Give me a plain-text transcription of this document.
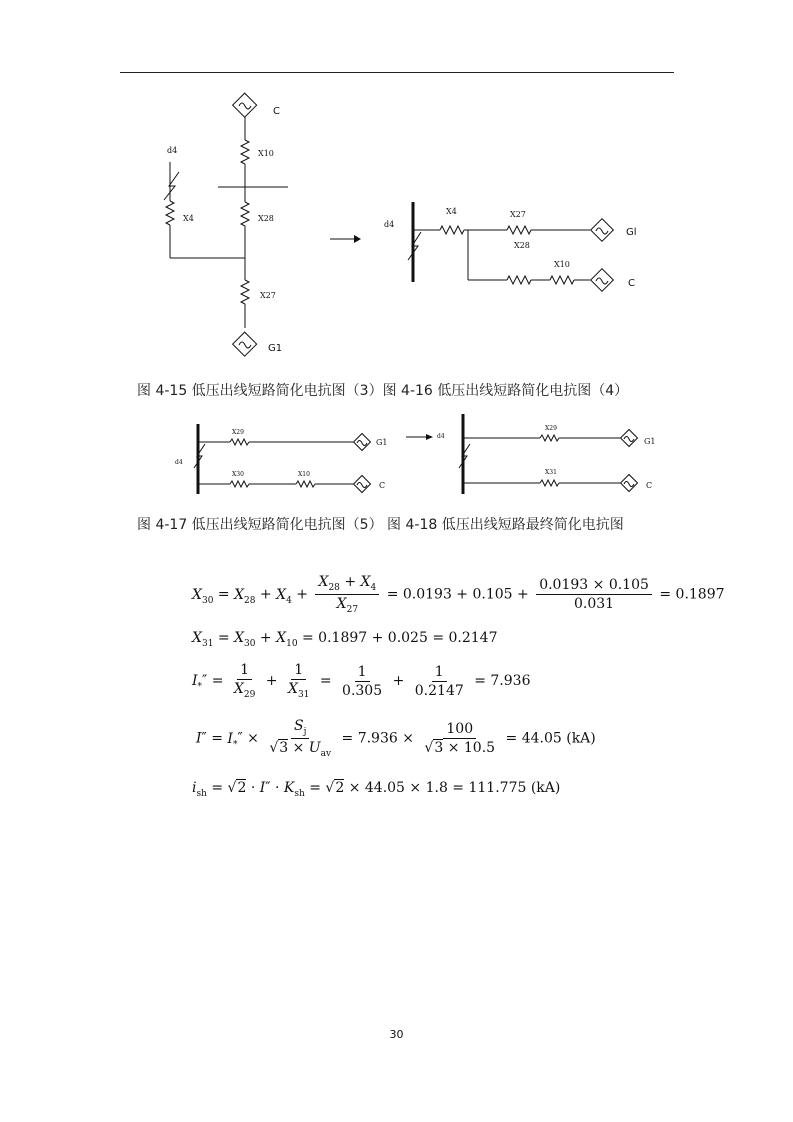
C
X10
d4
X4	X28
X27
G1
d4
X4	X27
X28
X10
Gl
C
图 4-15 低压出线短路简化电抗图（3）图 4-16 低压出线短路简化电抗图（4）
d4
X29
X30	X10
G1
C
d4
X29
X31
G1
C
图 4-17 低压出线短路简化电抗图（5） 图 4-18 低压出线短路最终简化电抗图
$X_{30} = X_{28} + X_4 + \frac{X_{28} + X_4}{X_{27}} = 0.0193 + 0.105 + \frac{0.0193 \times 0.105}{0.031} = 0.1897$
$X_{31} = X_{30} + X_{10} = 0.1897 + 0.025 = 0.2147$
$I_*'' = \frac{1}{X_{29}} + \frac{1}{X_{31}} = \frac{1}{0.305} + \frac{1}{0.2147} = 7.936$
$I'' = I_*'' \times \frac{S_j}{√3 \times U_{av}} = 7.936 \times \frac{100}{√3 \times 10.5} = 44.05$ (kA)
$i_{sh} = √2 \cdot I'' \cdot K_{sh} = √2 \times 44.05 \times 1.8 = 111.775$ (kA)
30
